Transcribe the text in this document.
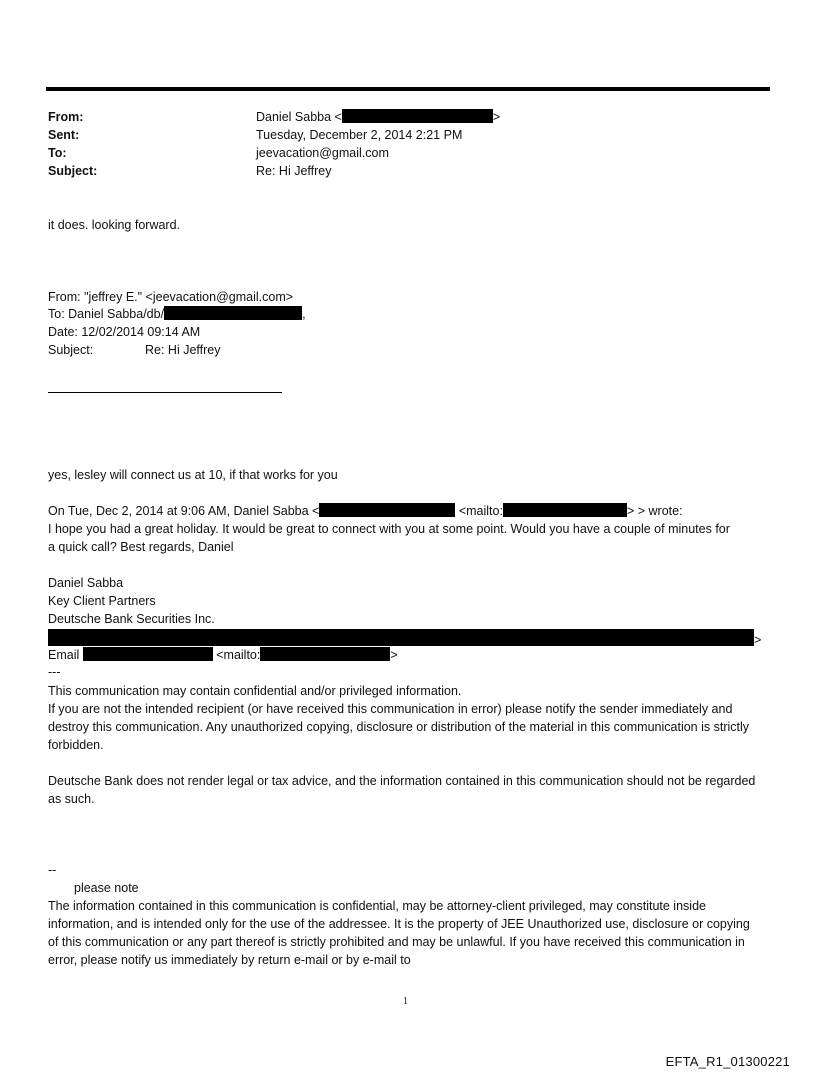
From:	Daniel Sabba <	>
Sent:	Tuesday, December 2, 2014 2:21 PM
To:	jeevacation@gmail.com
Subject:	Re: Hi Jeffrey
it does. looking forward.
From: "jeffrey E." <jeevacation@gmail.com>
To: Daniel Sabba/db/	,
Date: 12/02/2014 09:14 AM
Subject:	Re: Hi Jeffrey
yes, lesley will connect us at 10, if that works for you
On Tue, Dec 2, 2014 at 9:06 AM, Daniel Sabba <	<mailto:	> > wrote:
I hope you had a great holiday. It would be great to connect with you at some point. Would you have a couple of minutes for a quick call? Best regards, Daniel
Daniel Sabba
Key Client Partners
Deutsche Bank Securities Inc.
>
Email	<mailto:	>
---
This communication may contain confidential and/or privileged information.
If you are not the intended recipient (or have received this communication in error) please notify the sender immediately and destroy this communication. Any unauthorized copying, disclosure or distribution of the material in this communication is strictly forbidden.
Deutsche Bank does not render legal or tax advice, and the information contained in this communication should not be regarded as such.
--
please note
The information contained in this communication is confidential, may be attorney-client privileged, may constitute inside information, and is intended only for the use of the addressee. It is the property of JEE Unauthorized use, disclosure or copying of this communication or any part thereof is strictly prohibited and may be unlawful. If you have received this communication in error, please notify us immediately by return e-mail or by e-mail to
1
EFTA_R1_01300221
